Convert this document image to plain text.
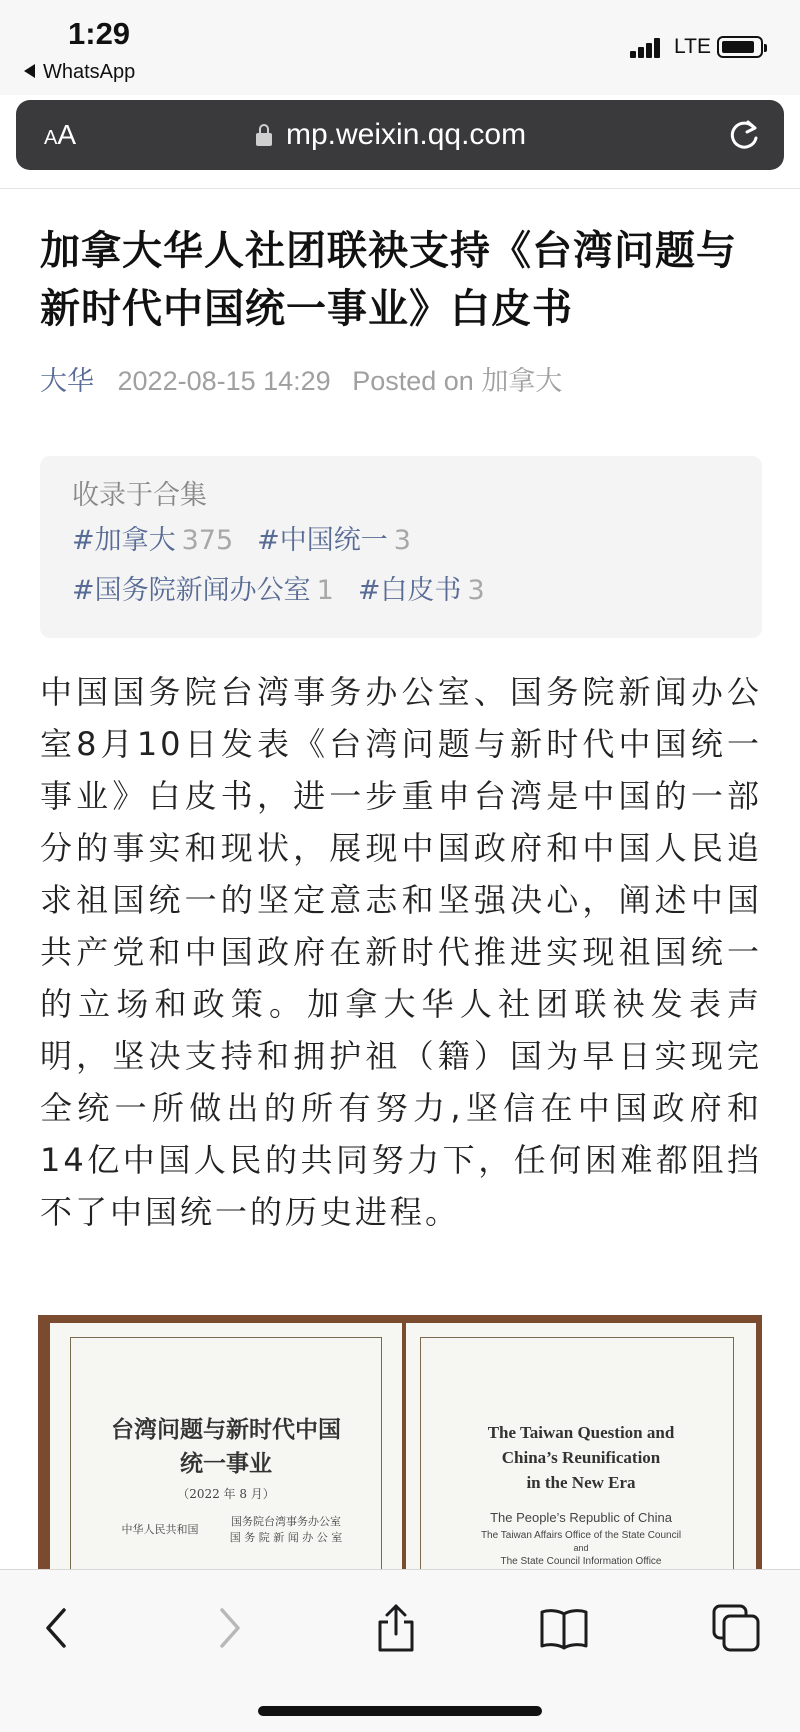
1:29
WhatsApp
LTE
AA	mp.weixin.qq.com
加拿大华人社团联袂支持《台湾问题与新时代中国统一事业》白皮书
大华 2022-08-15 14:29 Posted on 加拿大
收录于合集
#加拿大 375 #中国统一 3
#国务院新闻办公室 1 #白皮书 3
中国国务院台湾事务办公室、国务院新闻办公室8月10日发表《台湾问题与新时代中国统一事业》白皮书，进一步重申台湾是中国的一部分的事实和现状，展现中国政府和中国人民追求祖国统一的坚定意志和坚强决心，阐述中国共产党和中国政府在新时代推进实现祖国统一的立场和政策。加拿大华人社团联袂发表声明，坚决支持和拥护祖（籍）国为早日实现完全统一所做出的所有努力,坚信在中国政府和14亿中国人民的共同努力下，任何困难都阻挡不了中国统一的历史进程。
台湾问题与新时代中国
统一事业
（2022 年 8 月）
中华人民共和国
国务院台湾事务办公室
国 务 院 新 闻 办 公 室
The Taiwan Question and
China’s Reunification
in the New Era
The People’s Republic of China
The Taiwan Affairs Office of the State Council
and
The State Council Information Office
